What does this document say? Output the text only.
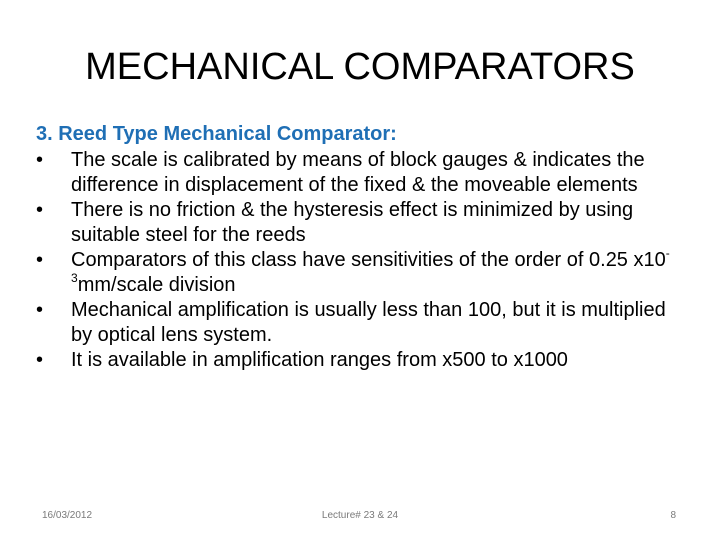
MECHANICAL COMPARATORS
3. Reed Type Mechanical Comparator:
•	The scale is calibrated by means of block gauges & indicates the difference in displacement of the fixed & the moveable elements
•	There is no friction & the hysteresis effect is minimized by using suitable steel for the reeds
•	Comparators of this class have sensitivities of the order of 0.25 $x10^{-3}mm$/scale division
•	Mechanical amplification is usually less than 100, but it is multiplied by optical lens system.
•	It is available in amplification ranges from x500 to x1000
16/03/2012	Lecture# 23 & 24	8
